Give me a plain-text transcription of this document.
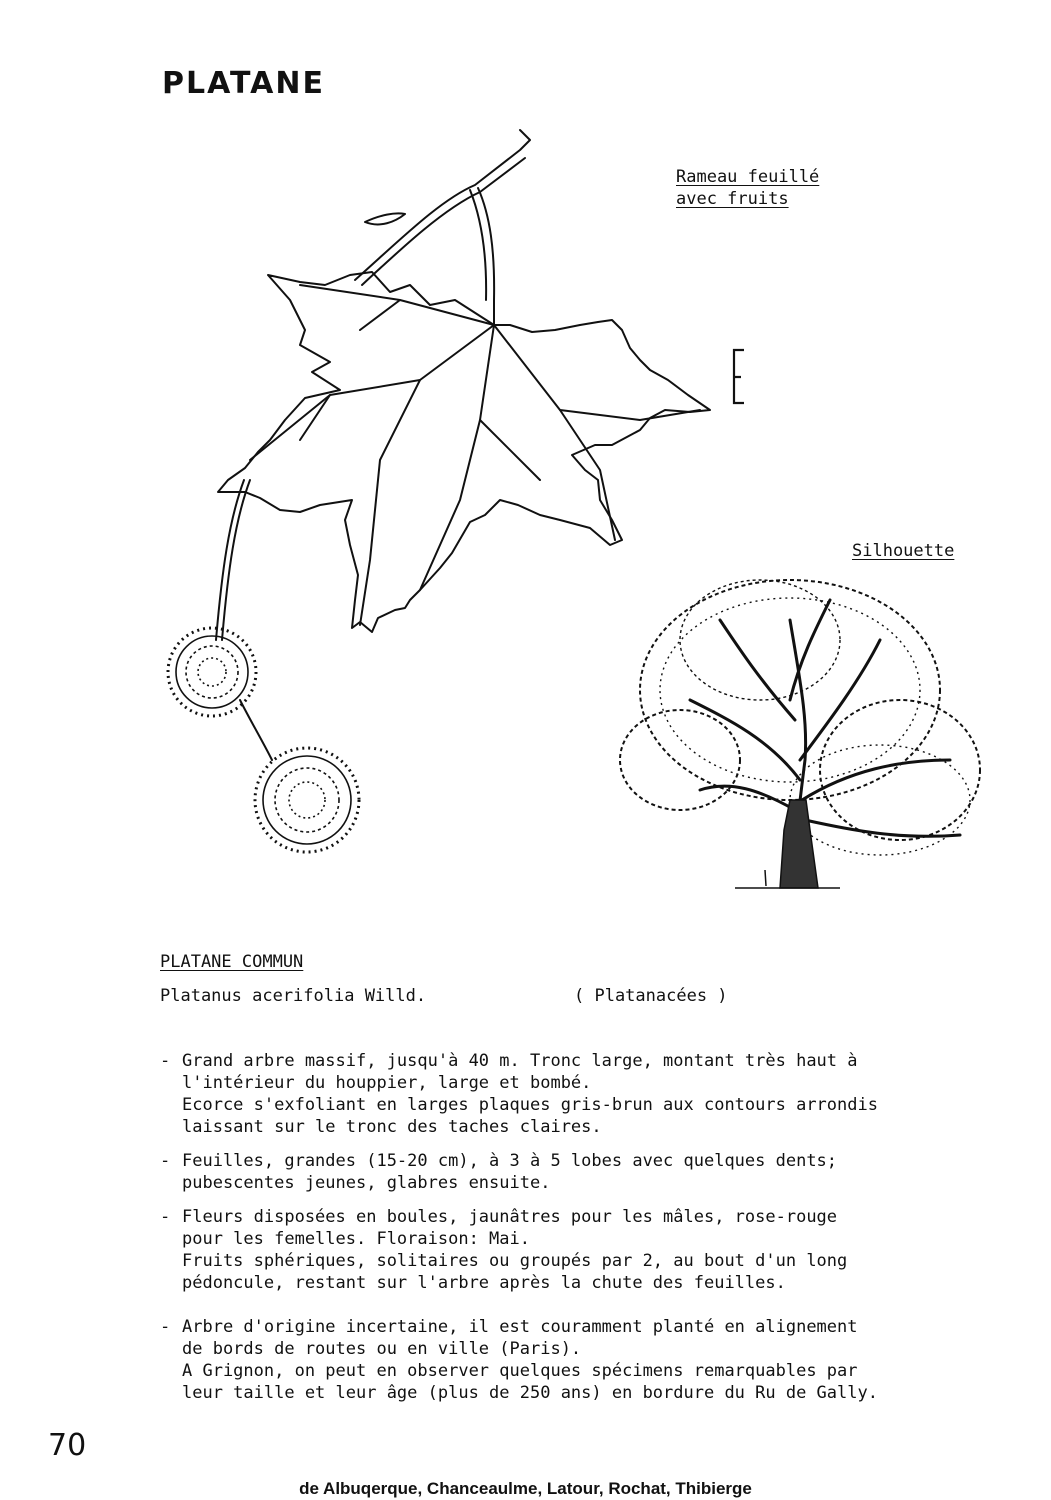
PLATANE
Rameau feuillé
avec fruits
Silhouette
PLATANE COMMUN
Platanus acerifolia Willd.	( Platanacées )
- Grand arbre massif, jusqu'à 40 m. Tronc large, montant très haut à
l'intérieur du houppier, large et bombé.
Ecorce s'exfoliant en larges plaques gris-brun aux contours arrondis
laissant sur le tronc des taches claires.
- Feuilles, grandes (15-20 cm), à 3 à 5 lobes avec quelques dents;
pubescentes jeunes, glabres ensuite.
- Fleurs disposées en boules, jaunâtres pour les mâles, rose-rouge
pour les femelles. Floraison: Mai.
Fruits sphériques, solitaires ou groupés par 2, au bout d'un long
pédoncule, restant sur l'arbre après la chute des feuilles.
- Arbre d'origine incertaine, il est couramment planté en alignement
de bords de routes ou en ville (Paris).
A Grignon, on peut en observer quelques spécimens remarquables par
leur taille et leur âge (plus de 250 ans) en bordure du Ru de Gally.
70
de Albuqerque, Chanceaulme, Latour, Rochat, Thibierge
